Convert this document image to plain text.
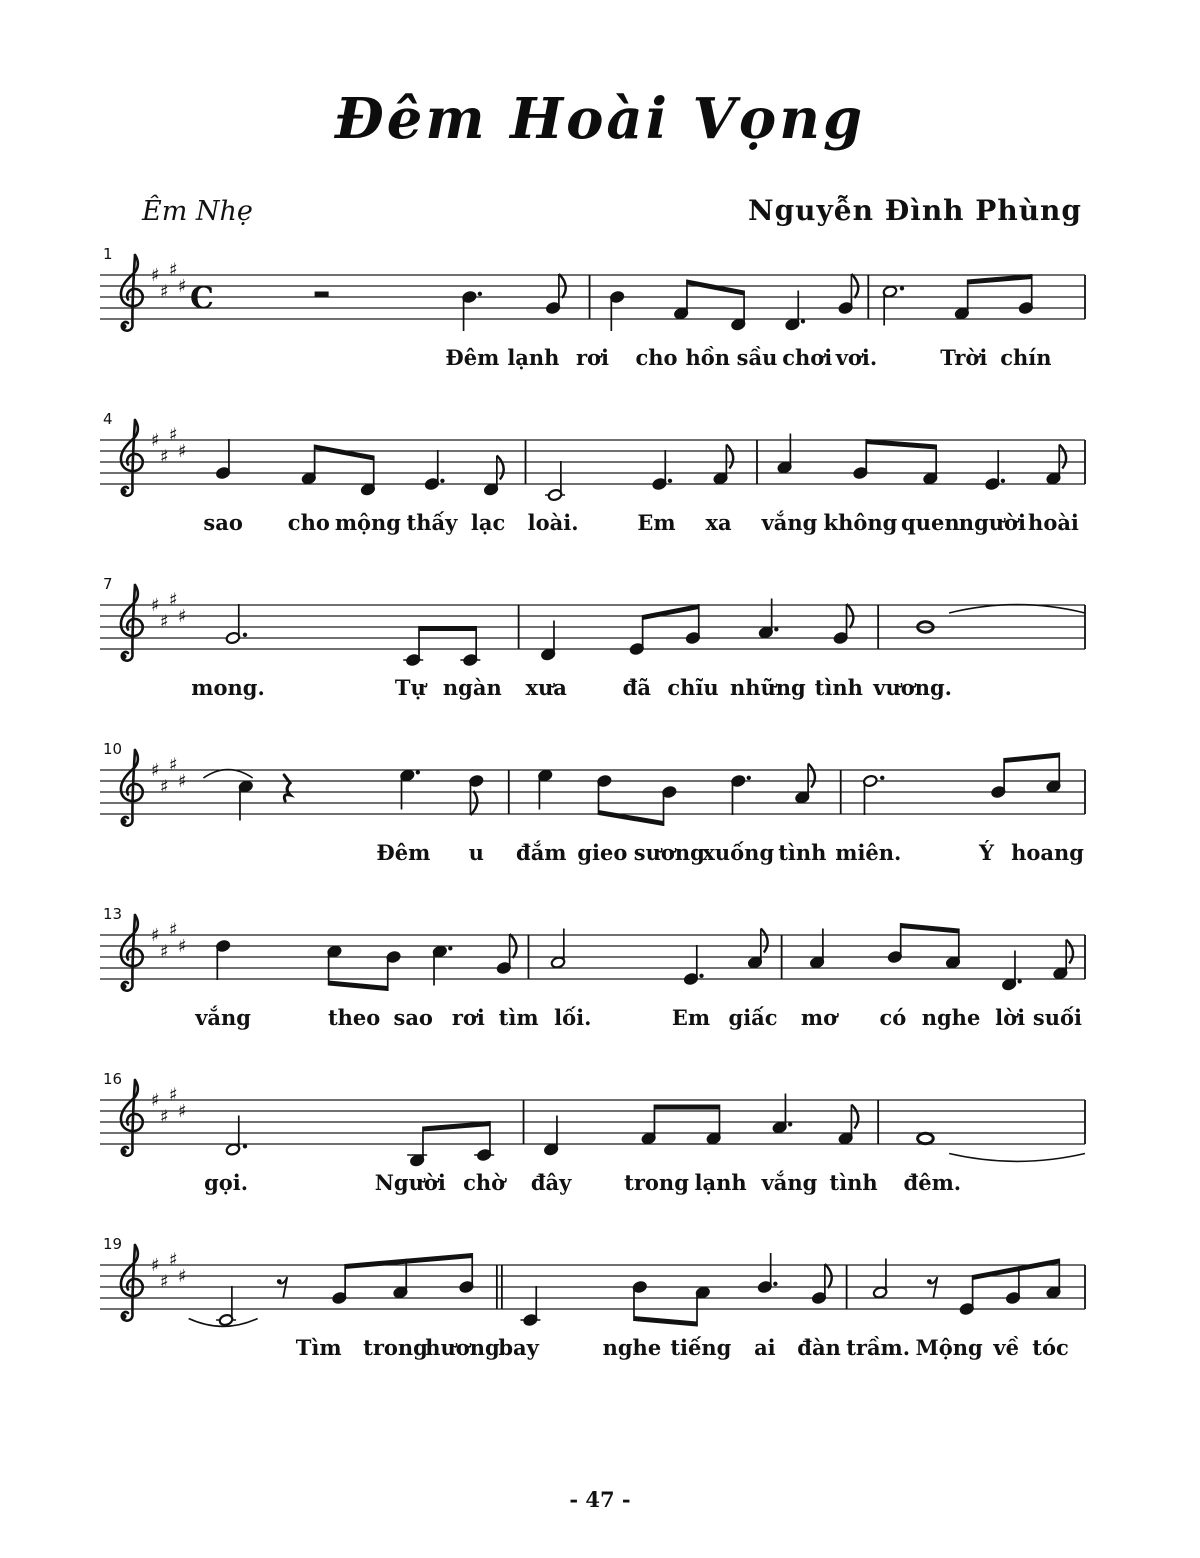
Đêm Hoài Vọng
Êm Nhẹ	Nguyễn Đình Phùng
1
♯
♯
♯
♯ C
Đêm lạnh rơi cho hồn sầu chơi vơi.	Trời chín
4
♯
♯
♯
♯
sao cho mộng thấy lạc loài.	Em xa vắng không quen người hoài
7
♯
♯
♯
♯
mong.	Tự ngàn xưa	đã chĩu những tình vương.
10
♯
♯
♯
♯
Đêm u đắm gieo sương
xuống tình miên.	Ý hoang
13
♯
♯
♯
♯
vắng	theo sao rơi tìm lối.	Em giấc mơ có nghe lời suối
16
♯
♯
♯
♯
gọi.	Người chờ đây	trong lạnh vắng tình đêm.
19
♯
♯
♯
♯
Tìm trong
hương
bay	nghe tiếng ai đàn trầm. Mộng về tóc
- 47 -
